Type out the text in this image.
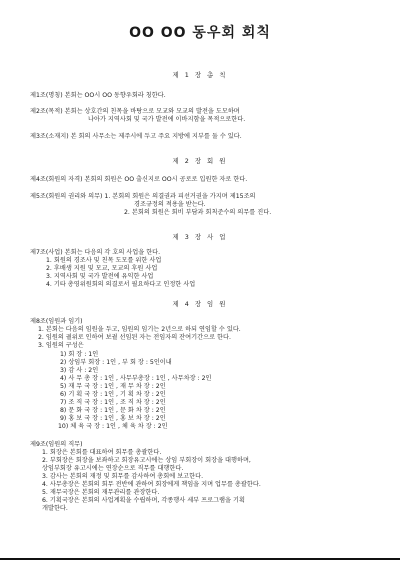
OO OO 동우회 회칙
제 1 장 총 칙
제1조(명칭) 본회는 OO시 OO 동향우회라 칭한다.
제2조(목적) 본회는 상호간의 친목을 바탕으로 모교와 모교의 발전을 도모하며
나아가 지역사회 및 국가 발전에 이바지함을 목적으로한다.
제3조(소재지) 본 회의 사무소는 제주시에 두고 주요 지방에 지부를 둘 수 있다.
제 2 장 회 원
제4조(회원의 자격) 본회의 회원은 OO 출신지로 OO시 공로로 입원한 자로 한다.
제5조(회원의 권리와 의무) 1. 본회의 회원은 의결권과 피선거권을 가지며 제15조의
경조규정의 적용을 받는다.
2. 본회의 회원은 회비 부담과 회칙준수의 의무를 진다.
제 3 장 사 업
제7조(사업) 본회는 다음의 각 호의 사업을 한다.
1. 회원의 경조사 및 친목 도모를 위한 사업
2. 후배생 지원 및 모교, 모교의 후원 사업
3. 지역사회 및 국가 발전에 유익한 사업
4. 기타 총영위원회의 의결로서 필요하다고 인정한 사업
제 4 장 임 원
제8조(임원과 임기)
1. 본회는 다음의 임원을 두고, 임원의 임기는 2년으로 하되 연임할 수 있다.
2. 임원의 궐위로 인하여 보궐 선임된 자는 전임자의 잔여기간으로 한다.
3. 임원의 구성은
1) 회 장 : 1인
2) 상임부 회장 : 1인 , 부 회 장 : 5인이내
3) 감 사 : 2인
4) 사 무 총 장 : 1인 , 사무부총장 : 1인 , 사무차장 : 2인
5) 재 무 국 장 : 1인 , 재 무 차 장 : 2인
6) 기 획 국 장 : 1인 , 기 획 차 장 : 2인
7) 조 직 국 장 : 1인 , 조 직 차 장 : 2인
8) 문 화 국 장 : 1인 , 문 화 차 장 : 2인
9) 홍 보 국 장 : 1인 , 홍 보 차 장 : 2인
10) 체 육 국 장 : 1인 , 체 육 차 장 : 2인
제9조(임원의 직무)
1. 회장은 본회를 대표하여 회무를 총괄한다.
2. 부회장은 회장을 보좌하고 회장유고시에는 상임 부회장이 회장을 대행하며,
상임부회장 유고시에는 연장순으로 직무를 대행한다.
3. 감사는 본회의 재정 및 회무를 감사하여 총회에 보고한다.
4. 사무총장은 본회의 회무 전반에 관하여 회장에게 책임을 지며 업무를 총괄한다.
5. 재무국장은 본회의 재무관리를 관장한다.
6. 기획국장은 본회의 사업계획을 수립하며, 각종행사 세부 프로그램을 기획
개발한다.
